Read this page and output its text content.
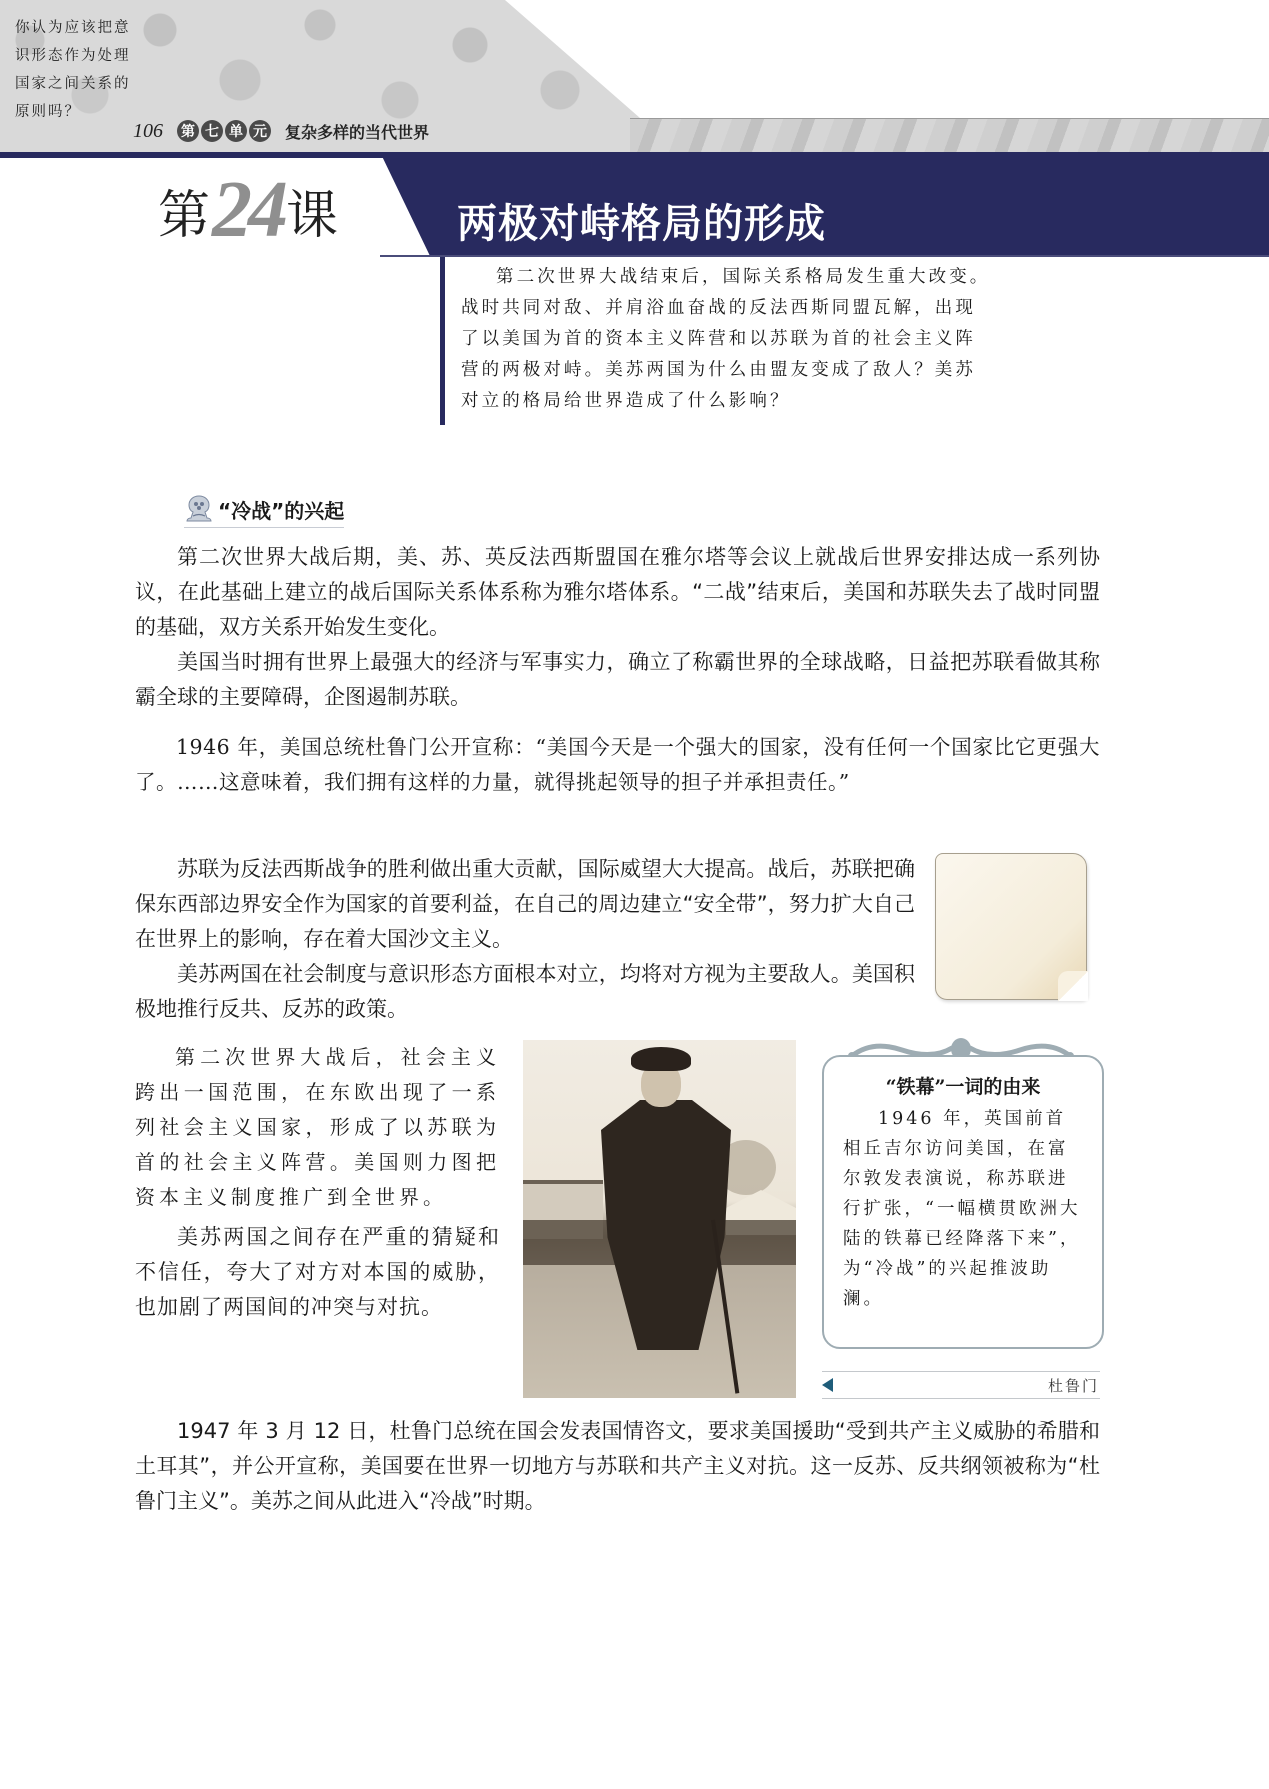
106 第 七 单 元 复杂多样的当代世界
两极对峙格局的形成
第 24 课

第二次世界大战结束后，国际关系格局发生重大改变。战时共同对敌、并肩浴血奋战的反法西斯同盟瓦解，出现了以美国为首的资本主义阵营和以苏联为首的社会主义阵营的两极对峙。美苏两国为什么由盟友变成了敌人？美苏对立的格局给世界造成了什么影响？

“冷战”的兴起

第二次世界大战后期，美、苏、英反法西斯盟国在雅尔塔等会议上就战后世界安排达成一系列协议，在此基础上建立的战后国际关系体系称为雅尔塔体系。“二战”结束后，美国和苏联失去了战时同盟的基础，双方关系开始发生变化。

美国当时拥有世界上最强大的经济与军事实力，确立了称霸世界的全球战略，日益把苏联看做其称霸全球的主要障碍，企图遏制苏联。

1946 年，美国总统杜鲁门公开宣称：“美国今天是一个强大的国家，没有任何一个国家比它更强大了。……这意味着，我们拥有这样的力量，就得挑起领导的担子并承担责任。”

苏联为反法西斯战争的胜利做出重大贡献，国际威望大大提高。战后，苏联把确保东西部边界安全作为国家的首要利益，在自己的周边建立“安全带”，努力扩大自己在世界上的影响，存在着大国沙文主义。

美苏两国在社会制度与意识形态方面根本对立，均将对方视为主要敌人。美国积极地推行反共、反苏的政策。

第二次世界大战后，社会主义跨出一国范围，在东欧出现了一系列社会主义国家，形成了以苏联为首的社会主义阵营。美国则力图把资本主义制度推广到全世界。

美苏两国之间存在严重的猜疑和不信任，夸大了对方对本国的威胁，也加剧了两国间的冲突与对抗。

1947 年 3 月 12 日，杜鲁门总统在国会发表国情咨文，要求美国援助“受到共产主义威胁的希腊和土耳其”，并公开宣称，美国要在世界一切地方与苏联和共产主义对抗。这一反苏、反共纲领被称为“杜鲁门主义”。美苏之间从此进入“冷战”时期。

你认为应该把意识形态作为处理国家之间关系的原则吗？

“铁幕”一词的由来

1946 年，英国前首相丘吉尔访问美国，在富尔敦发表演说，称苏联进行扩张，“一幅横贯欧洲大陆的铁幕已经降落下来”，为“冷战”的兴起推波助澜。

杜鲁门
